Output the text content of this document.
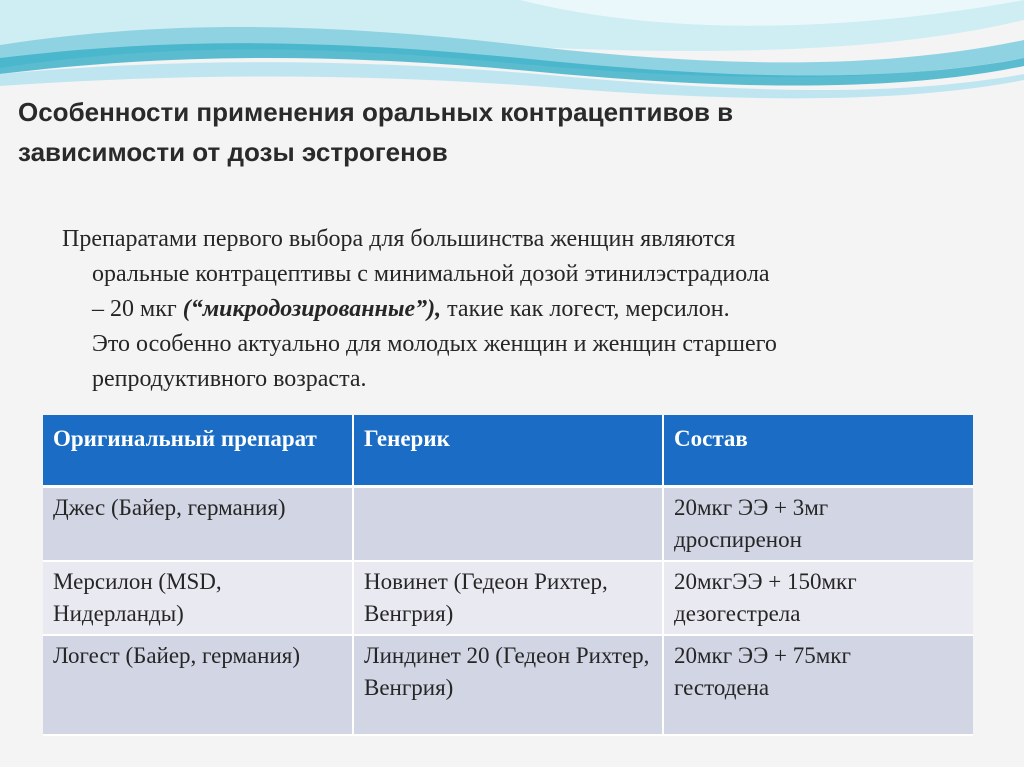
Особенности применения оральных контрацептивов в
зависимости от дозы эстрогенов

Препаратами первого выбора для большинства женщин являются
оральные контрацептивы с минимальной дозой этинилэстрадиола
– 20 мкг (“микродозированные”), такие как логест, мерсилон.
Это особенно актуально для молодых женщин и женщин старшего
репродуктивного возраста.

Оригинальный препарат	Генерик	Состав
Джес (Байер, германия)		20мкг ЭЭ + 3мг
дроспиренон

Мерсилон (MSD, Нидерланды)	Новинет (Гедеон Рихтер, Венгрия)	20мкгЭЭ + 150мкг
дезогестрела

Логест (Байер, германия)	Линдинет 20 (Гедеон Рихтер, Венгрия)	20мкг ЭЭ + 75мкг
гестодена
